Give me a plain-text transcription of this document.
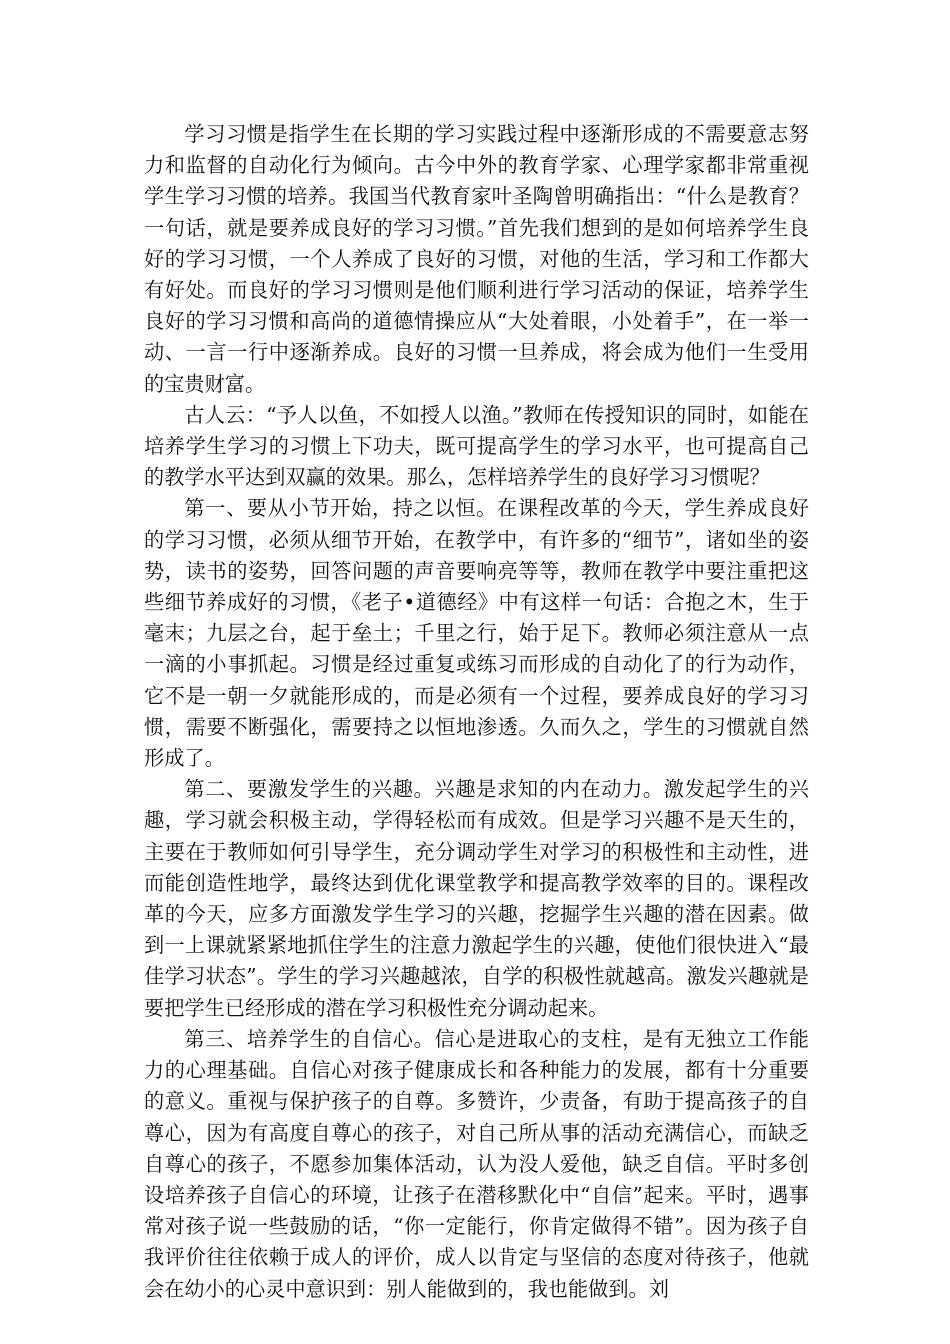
学习习惯是指学生在长期的学习实践过程中逐渐形成的不需要意志努力和监督的自动化行为倾向。古今中外的教育学家、心理学家都非常重视学生学习习惯的培养。我国当代教育家叶圣陶曾明确指出：“什么是教育？一句话，就是要养成良好的学习习惯。”首先我们想到的是如何培养学生良好的学习习惯，一个人养成了良好的习惯，对他的生活，学习和工作都大有好处。而良好的学习习惯则是他们顺利进行学习活动的保证，培养学生良好的学习习惯和高尚的道德情操应从“大处着眼，小处着手”，在一举一动、一言一行中逐渐养成。良好的习惯一旦养成，将会成为他们一生受用的宝贵财富。

古人云：“予人以鱼，不如授人以渔。”教师在传授知识的同时，如能在培养学生学习的习惯上下功夫，既可提高学生的学习水平，也可提高自己的教学水平达到双赢的效果。那么，怎样培养学生的良好学习习惯呢？

第一、要从小节开始，持之以恒。在课程改革的今天，学生养成良好的学习习惯，必须从细节开始，在教学中，有许多的“细节”，诸如坐的姿势，读书的姿势，回答问题的声音要响亮等等，教师在教学中要注重把这些细节养成好的习惯，《老子•道德经》中有这样一句话：合抱之木，生于毫末；九层之台，起于垒土；千里之行，始于足下。教师必须注意从一点一滴的小事抓起。习惯是经过重复或练习而形成的自动化了的行为动作，它不是一朝一夕就能形成的，而是必须有一个过程，要养成良好的学习习惯，需要不断强化，需要持之以恒地渗透。久而久之，学生的习惯就自然形成了。

第二、要激发学生的兴趣。兴趣是求知的内在动力。激发起学生的兴趣，学习就会积极主动，学得轻松而有成效。但是学习兴趣不是天生的，主要在于教师如何引导学生，充分调动学生对学习的积极性和主动性，进而能创造性地学，最终达到优化课堂教学和提高教学效率的目的。课程改革的今天，应多方面激发学生学习的兴趣，挖掘学生兴趣的潜在因素。做到一上课就紧紧地抓住学生的注意力激起学生的兴趣，使他们很快进入“最佳学习状态”。学生的学习兴趣越浓，自学的积极性就越高。激发兴趣就是要把学生已经形成的潜在学习积极性充分调动起来。

第三、培养学生的自信心。信心是进取心的支柱，是有无独立工作能力的心理基础。自信心对孩子健康成长和各种能力的发展，都有十分重要的意义。重视与保护孩子的自尊。多赞许，少责备，有助于提高孩子的自尊心，因为有高度自尊心的孩子，对自己所从事的活动充满信心，而缺乏自尊心的孩子，不愿参加集体活动，认为没人爱他，缺乏自信。平时多创设培养孩子自信心的环境，让孩子在潜移默化中“自信”起来。平时，遇事常对孩子说一些鼓励的话，“你一定能行，你肯定做得不错”。因为孩子自我评价往往依赖于成人的评价，成人以肯定与坚信的态度对待孩子，他就会在幼小的心灵中意识到：别人能做到的，我也能做到。刘
